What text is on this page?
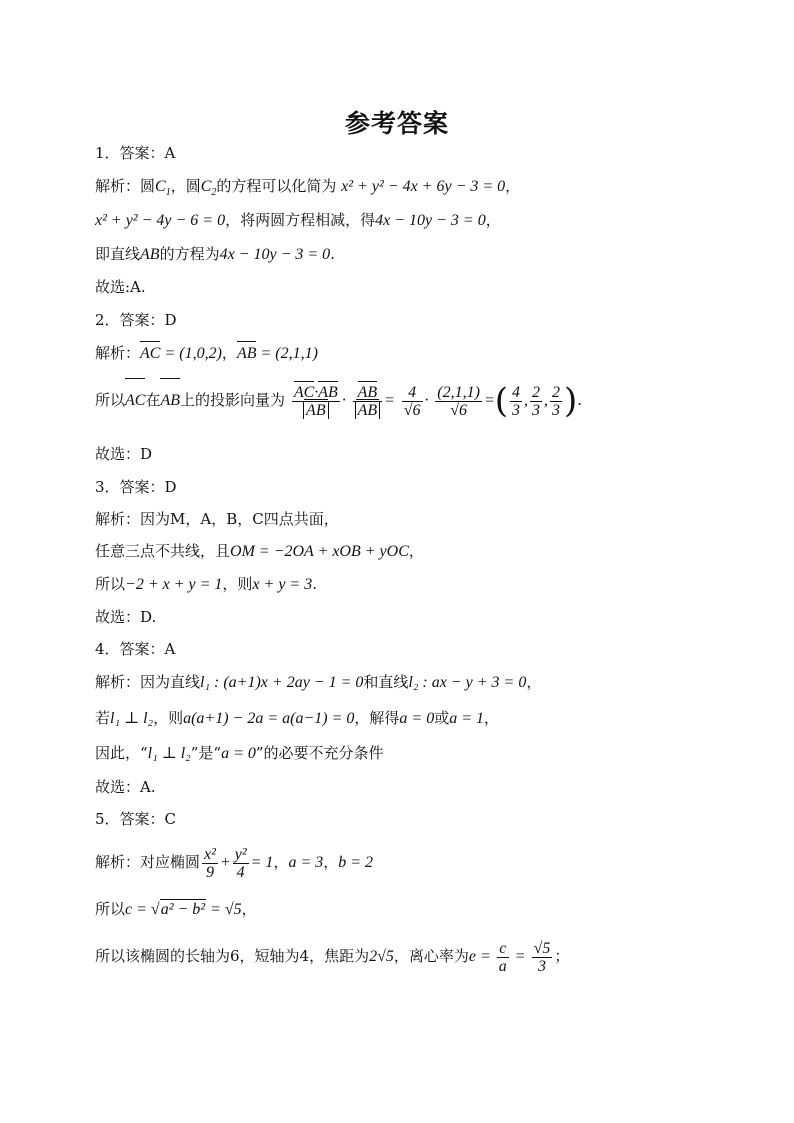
参考答案
1．答案：A
解析：圆$C_1$，圆$C_2$的方程可以化简为 x² + y² − 4x + 6y − 3 = 0，
x² + y² − 4y − 6 = 0，将两圆方程相减，得4x − 10y − 3 = 0，
即直线AB的方程为4x − 10y − 3 = 0.
故选:A.
2．答案：D
解析：AC = (1,0,2)，AB = (2,1,1)
所以AC在AB上的投影向量为 $\frac{AC\cdot AB}{AB} \cdot \frac{AB}{AB} = \frac{4}{√6} \cdot \frac{(2,1,1)}{√6}$ =( $\frac{4}{3}$ , $\frac{2}{3}$ , $\frac{2}{3}$ ).
故选：D
3．答案：D
解析：因为M，A，B，C四点共面，
任意三点不共线，且OM = −2OA + xOB + yOC，
所以−2 + x + y = 1，则x + y = 3.
故选：D.
4．答案：A
解析：因为直线l₁ : (a+1)x + 2ay − 1 = 0和直线l₂ : ax − y + 3 = 0，
若l₁ ⊥ l₂，则a(a+1) − 2a = a(a−1) = 0，解得a = 0或a = 1，
因此，“l₁ ⊥ l₂”是“a = 0”的必要不充分条件
故选：A.
5．答案：C
解析：对应椭圆 $\frac{\text{x²}}{9} + \frac{\text{y²}}{4} = 1$，a = 3，b = 2
所以c = √a² − b² = √5，
所以该椭圆的长轴为6，短轴为4，焦距为2√5，离心率为$e = \frac{c}{a} = \frac{√5}{3}$ ；
